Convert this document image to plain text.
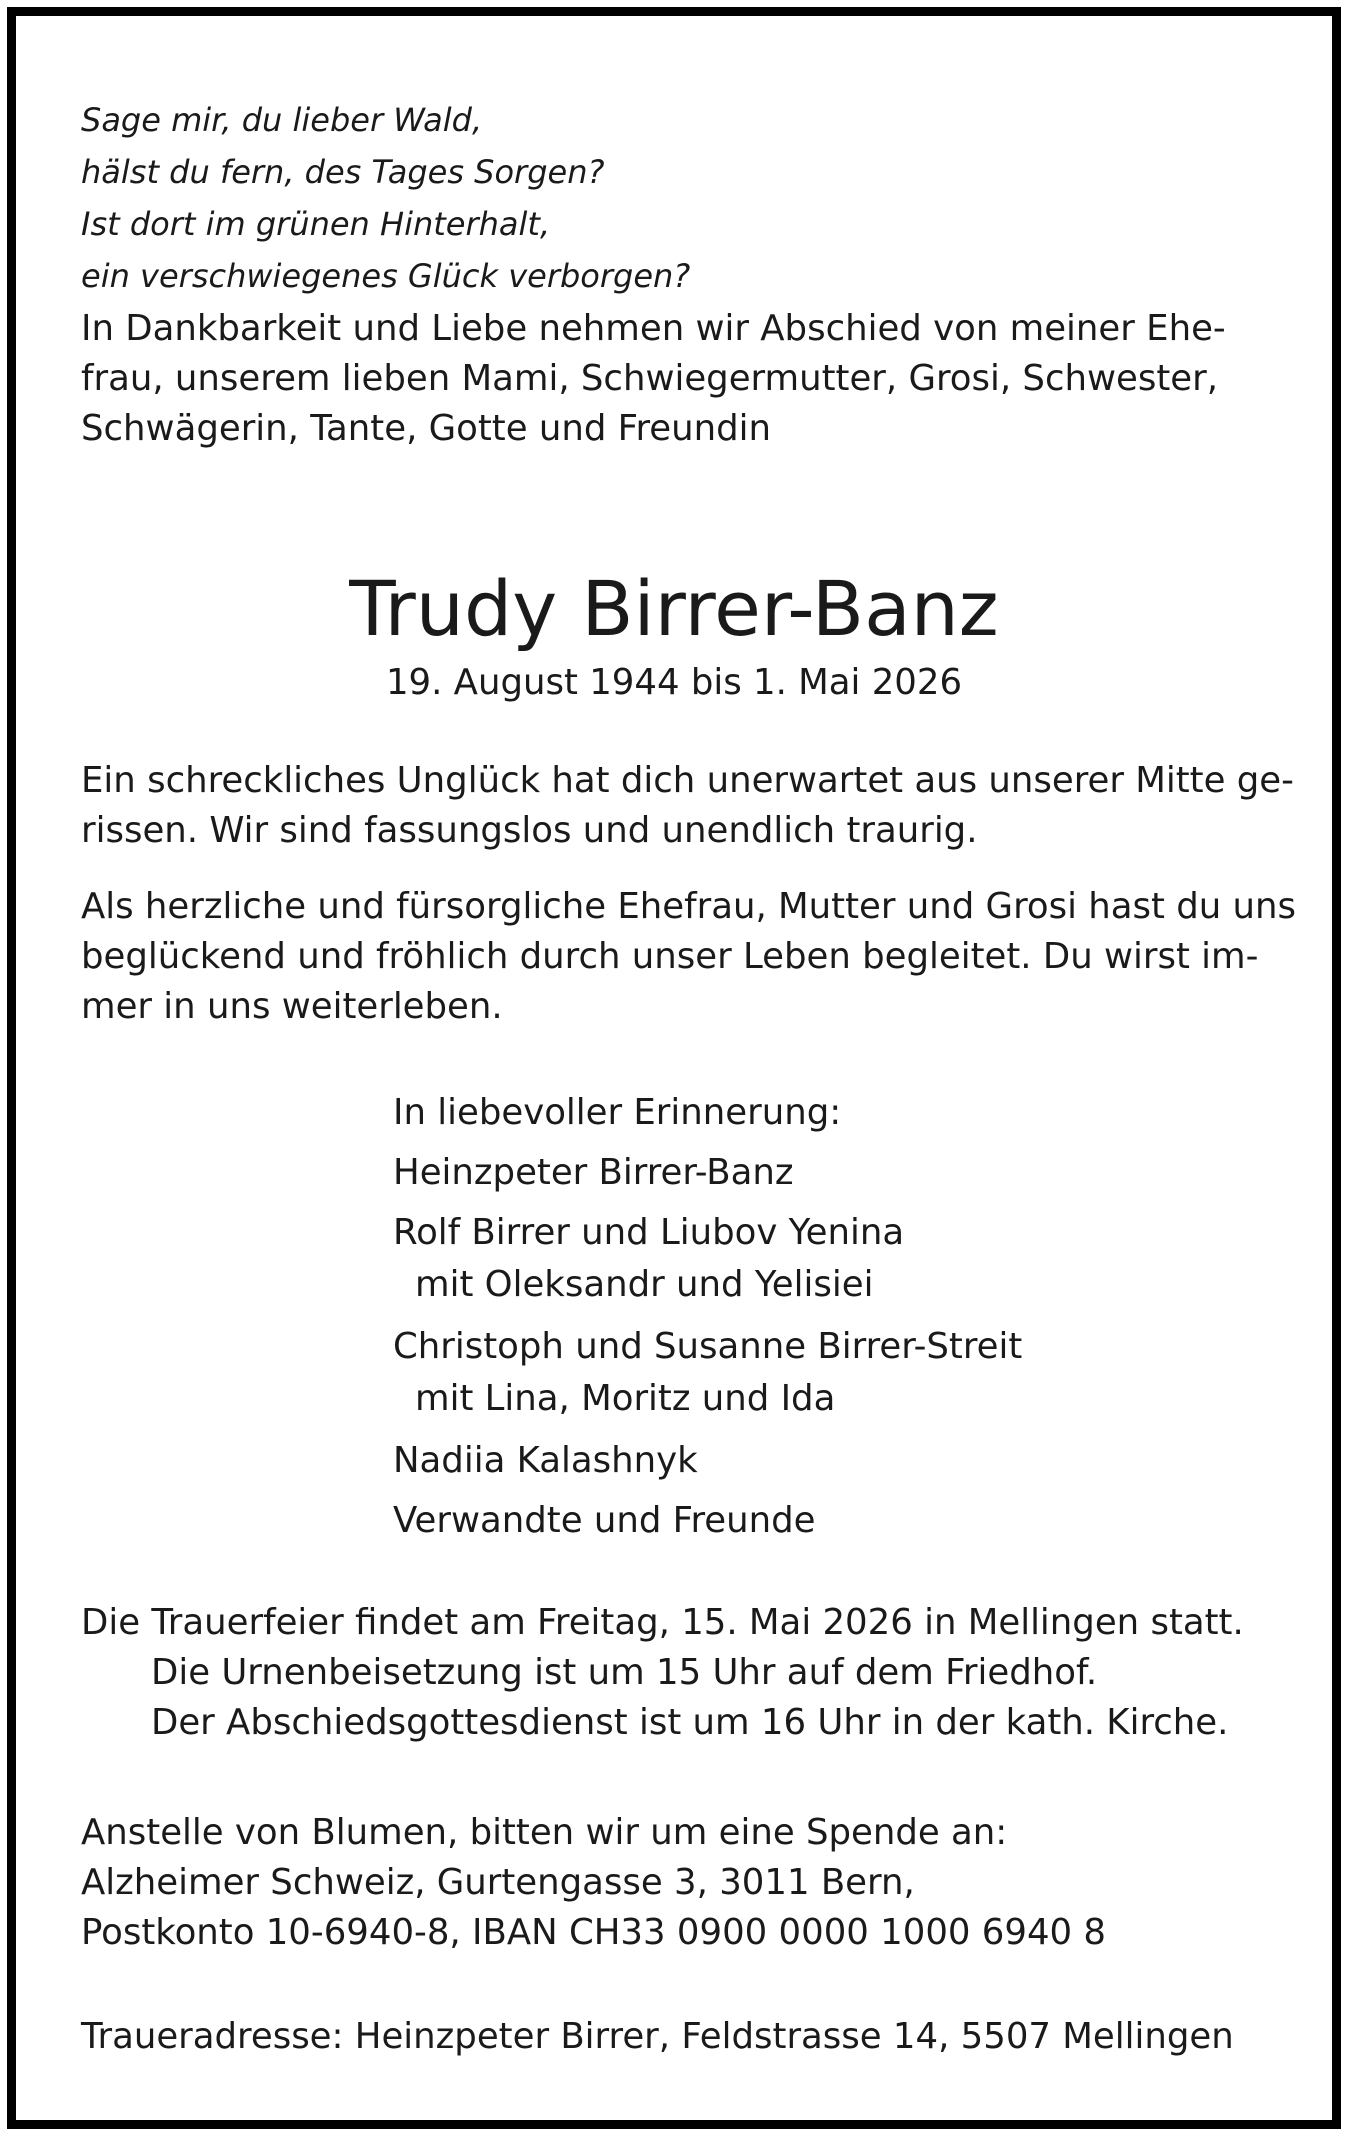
Sage mir, du lieber Wald,
hälst du fern, des Tages Sorgen?
Ist dort im grünen Hinterhalt,
ein verschwiegenes Glück verborgen?
In Dankbarkeit und Liebe nehmen wir Abschied von meiner Ehe-
frau, unserem lieben Mami, Schwiegermutter, Grosi, Schwester,
Schwägerin, Tante, Gotte und Freundin
Trudy Birrer-Banz
19. August 1944 bis 1. Mai 2026
Ein schreckliches Unglück hat dich unerwartet aus unserer Mitte ge-
rissen. Wir sind fassungslos und unendlich traurig.
Als herzliche und fürsorgliche Ehefrau, Mutter und Grosi hast du uns
beglückend und fröhlich durch unser Leben begleitet. Du wirst im-
mer in uns weiterleben.
In liebevoller Erinnerung:
Heinzpeter Birrer-Banz
Rolf Birrer und Liubov Yenina
mit Oleksandr und Yelisiei
Christoph und Susanne Birrer-Streit
mit Lina, Moritz und Ida
Nadiia Kalashnyk
Verwandte und Freunde
Die Trauerfeier findet am Freitag, 15. Mai 2026 in Mellingen statt.
Die Urnenbeisetzung ist um 15 Uhr auf dem Friedhof.
Der Abschiedsgottesdienst ist um 16 Uhr in der kath. Kirche.
Anstelle von Blumen, bitten wir um eine Spende an:
Alzheimer Schweiz, Gurtengasse 3, 3011 Bern,
Postkonto 10-6940-8, IBAN CH33 0900 0000 1000 6940 8
Traueradresse: Heinzpeter Birrer, Feldstrasse 14, 5507 Mellingen
